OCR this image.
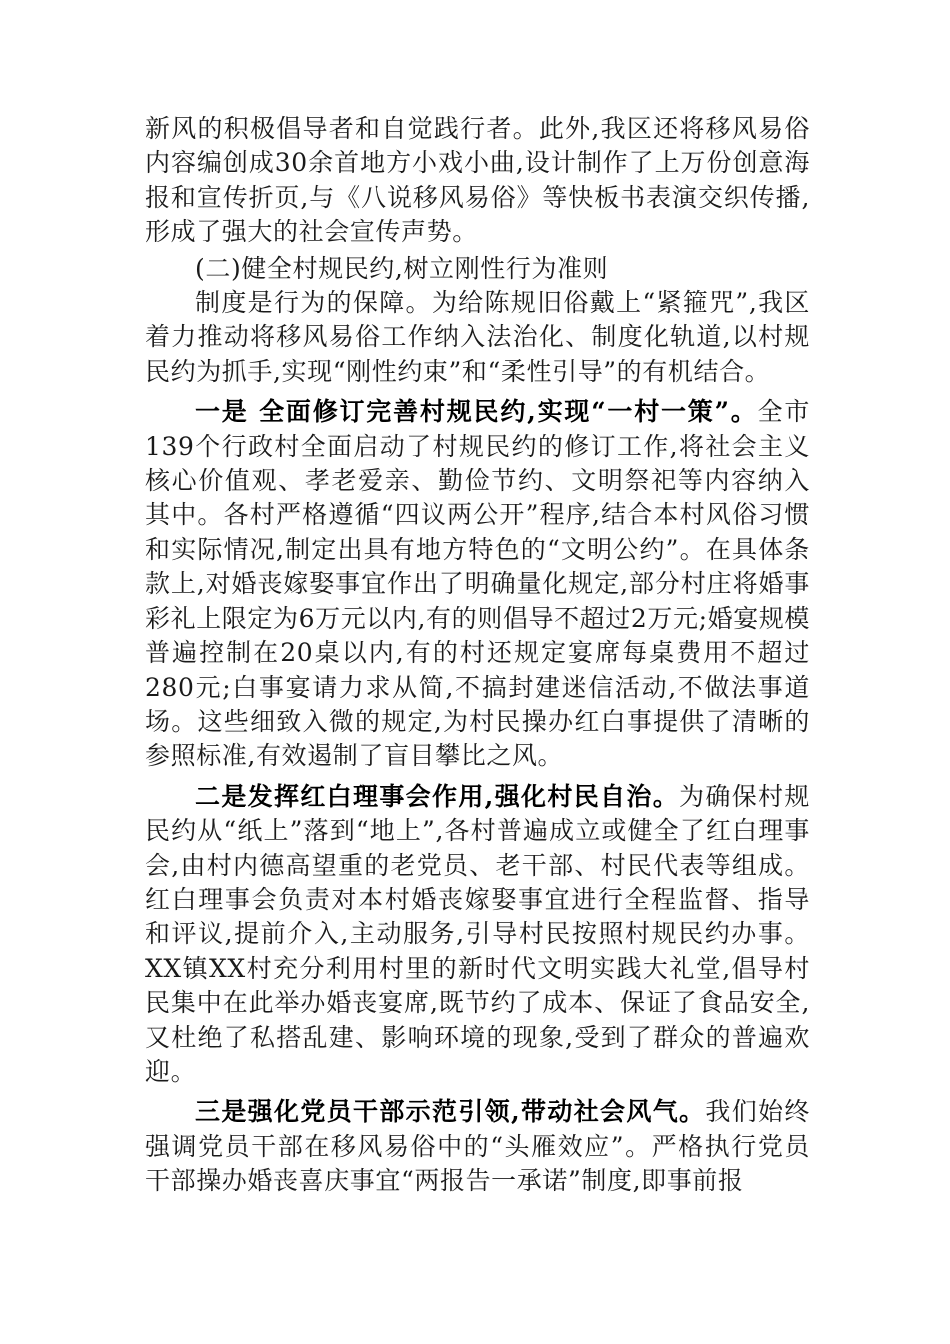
新风的积极倡导者和自觉践行者。此外,我区还将移风易俗内容编创成30余首地方小戏小曲,设计制作了上万份创意海报和宣传折页,与《八说移风易俗》等快板书表演交织传播,形成了强大的社会宣传声势。

(二)健全村规民约,树立刚性行为准则

制度是行为的保障。为给陈规旧俗戴上“紧箍咒”,我区着力推动将移风易俗工作纳入法治化、制度化轨道,以村规民约为抓手,实现“刚性约束”和“柔性引导”的有机结合。

一是 全面修订完善村规民约,实现“一村一策”。全市139个行政村全面启动了村规民约的修订工作,将社会主义核心价值观、孝老爱亲、勤俭节约、文明祭祀等内容纳入其中。各村严格遵循“四议两公开”程序,结合本村风俗习惯和实际情况,制定出具有地方特色的“文明公约”。在具体条款上,对婚丧嫁娶事宜作出了明确量化规定,部分村庄将婚事彩礼上限定为6万元以内,有的则倡导不超过2万元;婚宴规模普遍控制在20桌以内,有的村还规定宴席每桌费用不超过280元;白事宴请力求从简,不搞封建迷信活动,不做法事道场。这些细致入微的规定,为村民操办红白事提供了清晰的参照标准,有效遏制了盲目攀比之风。

二是发挥红白理事会作用,强化村民自治。为确保村规民约从“纸上”落到“地上”,各村普遍成立或健全了红白理事会,由村内德高望重的老党员、老干部、村民代表等组成。红白理事会负责对本村婚丧嫁娶事宜进行全程监督、指导和评议,提前介入,主动服务,引导村民按照村规民约办事。XX镇XX村充分利用村里的新时代文明实践大礼堂,倡导村民集中在此举办婚丧宴席,既节约了成本、保证了食品安全,又杜绝了私搭乱建、影响环境的现象,受到了群众的普遍欢迎。

三是强化党员干部示范引领,带动社会风气。我们始终强调党员干部在移风易俗中的“头雁效应”。严格执行党员干部操办婚丧喜庆事宜“两报告一承诺”制度,即事前报
